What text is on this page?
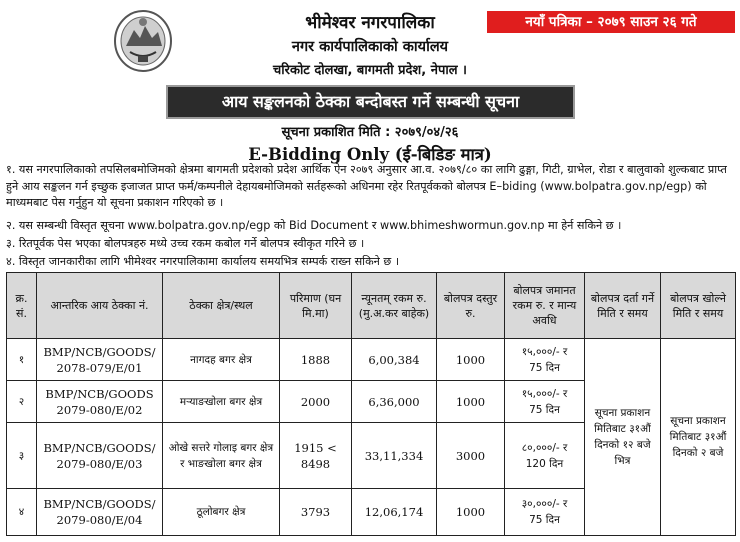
भीमेश्वर नगरपालिका
नगर कार्यपालिकाको कार्यालय
चरिकोट दोलखा, बागमती प्रदेश, नेपाल ।
नयाँ पत्रिका – २०७९ साउन २६ गते
आय सङ्कलनको ठेक्का बन्दोबस्त गर्ने सम्बन्धी सूचना
सूचना प्रकाशित मिति : २०७९/०४/२६
E-Bidding Only (ई-बिडिङ मात्र)
१. यस नगरपालिकाको तपसिलबमोजिमको क्षेत्रमा बागमती प्रदेशको प्रदेश आर्थिक ऐन २०७९ अनुसार आ.व. २०७९/८० का लागि ढुङ्गा, गिटी, ग्राभेल, रोडा र बालुवाको शुल्कबाट प्राप्त हुने आय सङ्कलन गर्न इच्छुक इजाजत प्राप्त फर्म/कम्पनीले देहायबमोजिमको सर्तहरूको अधिनमा रहेर रितपूर्वकको बोलपत्र E–biding (www.bolpatra.gov.np/egp) को माध्यमबाट पेस गर्नुहुन यो सूचना प्रकाशन गरिएको छ ।
२. यस सम्बन्धी विस्तृत सूचना www.bolpatra.gov.np/egp को Bid Document र www.bhimeshwormun.gov.np मा हेर्न सकिने छ ।
३. रितपूर्वक पेस भएका बोलपत्रहरु मध्ये उच्च रकम कबोल गर्ने बोलपत्र स्वीकृत गरिने छ ।
४. विस्तृत जानकारीका लागि भीमेश्वर नगरपालिकामा कार्यालय समयभित्र सम्पर्क राख्न सकिने छ ।
क्र. सं.	आन्तरिक आय ठेक्का नं.	ठेक्का क्षेत्र/स्थल	परिमाण (घन मि.मा)	न्यूनतम् रकम रु. (मु.अ.कर बाहेक)	बोलपत्र दस्तुर रु.	बोलपत्र जमानत रकम रु. र मान्य अवधि	बोलपत्र दर्ता गर्ने मिति र समय	बोलपत्र खोल्ने मिति र समय
१	BMP/NCB/GOODS/ 2078-079/E/01	नागदह बगर क्षेत्र	1888	6,00,384	1000	१५,०००/- र
75 दिन	सूचना प्रकाशन मितिबाट ३१औं दिनको १२ बजे भित्र	सूचना प्रकाशन मितिबाट ३१औं दिनको २ बजे
२	BMP/NCB/GOODS 2079-080/E/02	मऱ्याङखोला बगर क्षेत्र	2000	6,36,000	1000	१५,०००/- र
75 दिन		

३	BMP/NCB/GOODS/ 2079-080/E/03	ओखे सत्तरे गोलाइ बगर क्षेत्र र भाङखोला बगर क्षेत्र	1915 < 8498	33,11,334	3000	८०,०००/- र
120 दिन		

४	BMP/NCB/GOODS/ 2079-080/E/04	ठूलोबगर क्षेत्र	3793	12,06,174	1000	३०,०००/- र
75 दिन		
